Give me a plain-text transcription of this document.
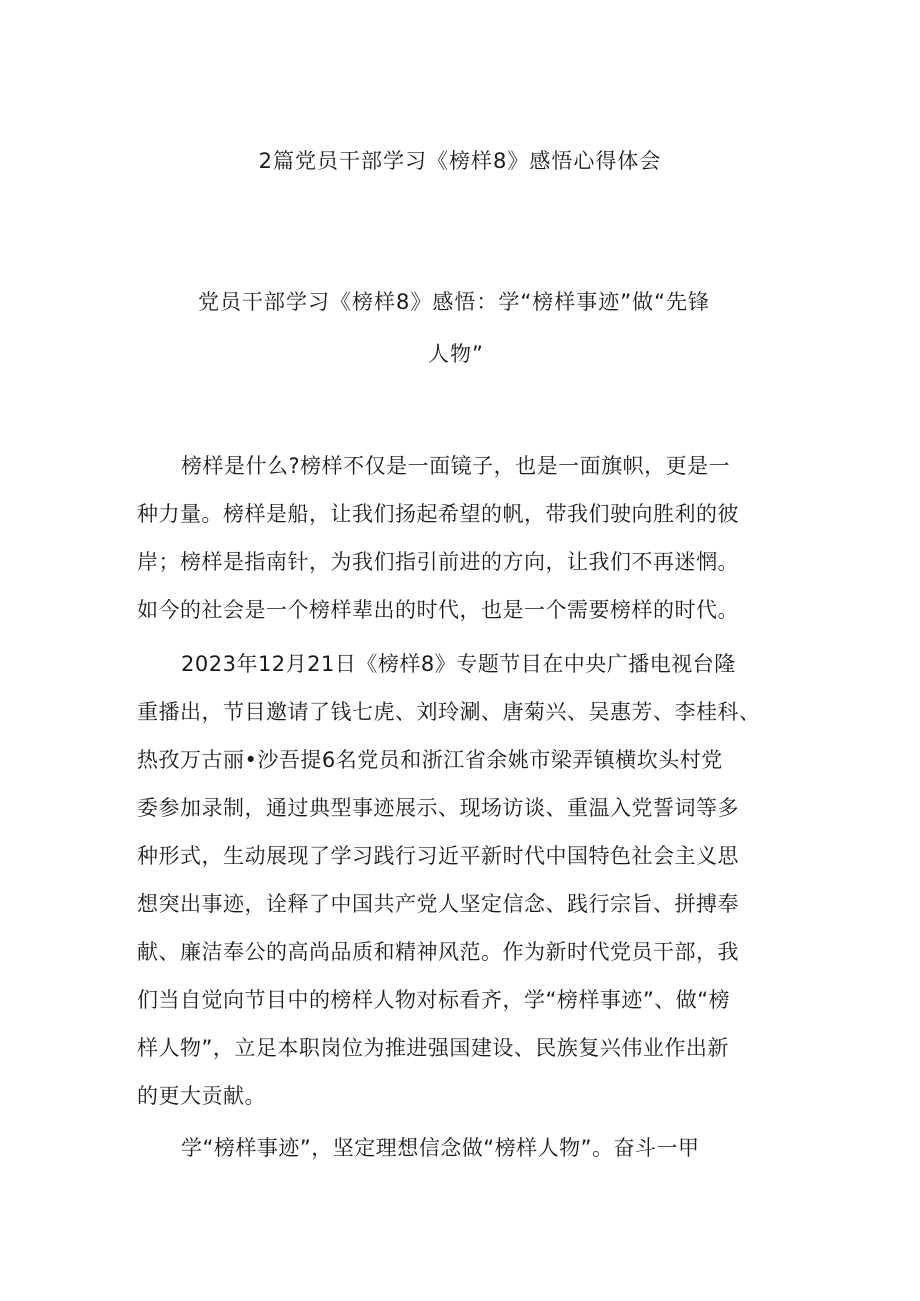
2篇党员干部学习《榜样8》感悟心得体会
党员干部学习《榜样8》感悟：学“榜样事迹”做“先锋
人物”
榜样是什么?榜样不仅是一面镜子，也是一面旗帜，更是一
种力量。榜样是船，让我们扬起希望的帆，带我们驶向胜利的彼
岸；榜样是指南针，为我们指引前进的方向，让我们不再迷惘。
如今的社会是一个榜样辈出的时代，也是一个需要榜样的时代。
2023年12月21日《榜样8》专题节目在中央广播电视台隆
重播出，节目邀请了钱七虎、刘玲涮、唐菊兴、吴惠芳、李桂科、
热孜万古丽•沙吾提6名党员和浙江省余姚市梁弄镇横坎头村党
委参加录制，通过典型事迹展示、现场访谈、重温入党誓词等多
种形式，生动展现了学习践行习近平新时代中国特色社会主义思
想突出事迹，诠释了中国共产党人坚定信念、践行宗旨、拼搏奉
献、廉洁奉公的高尚品质和精神风范。作为新时代党员干部，我
们当自觉向节目中的榜样人物对标看齐，学“榜样事迹”、做“榜
样人物”，立足本职岗位为推进强国建设、民族复兴伟业作出新
的更大贡献。
学“榜样事迹”，坚定理想信念做“榜样人物”。奋斗一甲
